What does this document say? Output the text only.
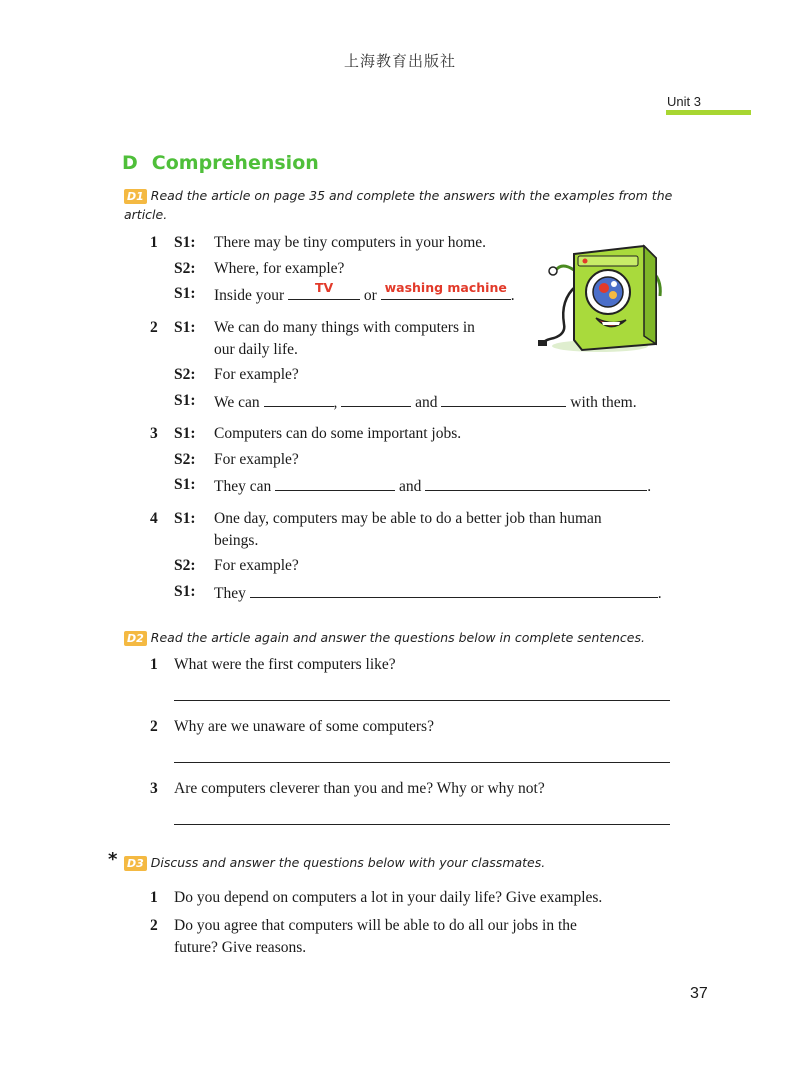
上海教育出版社
Unit 3
D Comprehension
D1 Read the article on page 35 and complete the answers with the examples from the article.
1 S1: There may be tiny computers in your home.
S2: Where, for example?
S1: Inside your	TV	or washing machine .
2 S1: We can do many things with computers in
our daily life.
S2: For example?
S1: We can	,	and	with them.
3 S1: Computers can do some important jobs.
S2: For example?
S1: They can	and	.
4 S1: One day, computers may be able to do a better job than human
beings.
S2: For example?
S1: They	.
D2 Read the article again and answer the questions below in complete sentences.
1 What were the first computers like?
2 Why are we unaware of some computers?
3 Are computers cleverer than you and me? Why or why not?
* D3 Discuss and answer the questions below with your classmates.
1 Do you depend on computers a lot in your daily life? Give examples.
2 Do you agree that computers will be able to do all our jobs in the
future? Give reasons.
37
